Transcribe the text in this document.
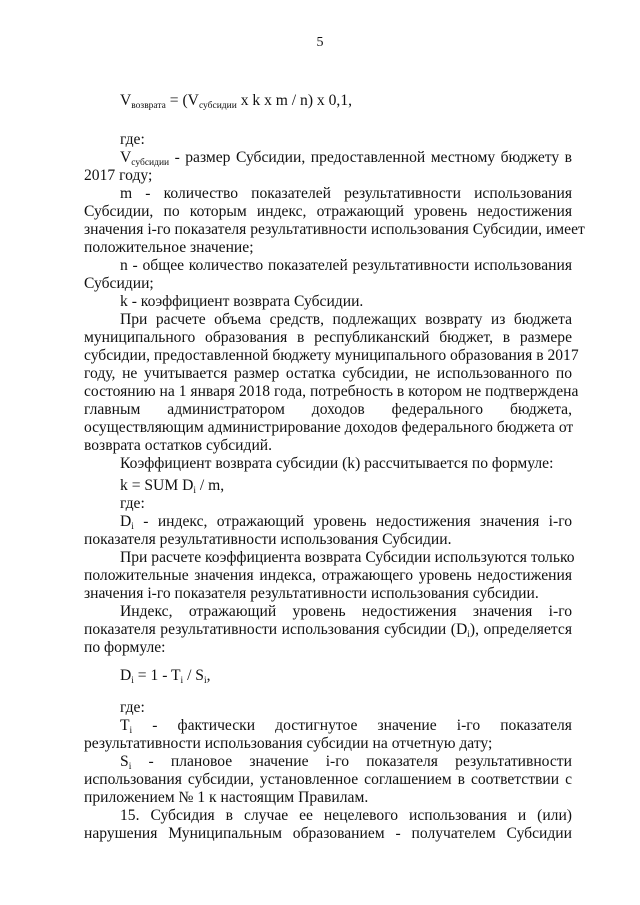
5
$V_{возврата} = (V_{субсидии}$ x k x m / n) x 0,1,
где:
$V_{субсидии}$ - размер Субсидии, предоставленной местному бюджету в
2017 году;
m - количество показателей результативности использования
Субсидии, по которым индекс, отражающий уровень недостижения
значения i-го показателя результативности использования Субсидии, имеет
положительное значение;
n - общее количество показателей результативности использования
Субсидии;
k - коэффициент возврата Субсидии.
При расчете объема средств, подлежащих возврату из бюджета
муниципального образования в республиканский бюджет, в размере
субсидии, предоставленной бюджету муниципального образования в 2017
году, не учитывается размер остатка субсидии, не использованного по
состоянию на 1 января 2018 года, потребность в котором не подтверждена
главным администратором доходов федерального бюджета,
осуществляющим администрирование доходов федерального бюджета от
возврата остатков субсидий.
Коэффициент возврата субсидии (k) рассчитывается по формуле:
k = SUM $D_i$ / m,
где:
$D_i$ - индекс, отражающий уровень недостижения значения i-го
показателя результативности использования Субсидии.
При расчете коэффициента возврата Субсидии используются только
положительные значения индекса, отражающего уровень недостижения
значения i-го показателя результативности использования субсидии.
Индекс, отражающий уровень недостижения значения i-го
показателя результативности использования субсидии $(D_i)$, определяется
по формуле:
$D_i = 1 - T_i / S_i$,
где:
$T_i$ - фактически достигнутое значение i-го показателя
результативности использования субсидии на отчетную дату;
$S_i$ - плановое значение i-го показателя результативности
использования субсидии, установленное соглашением в соответствии с
приложением № 1 к настоящим Правилам.
15. Субсидия в случае ее нецелевого использования и (или)
нарушения Муниципальным образованием - получателем Субсидии
